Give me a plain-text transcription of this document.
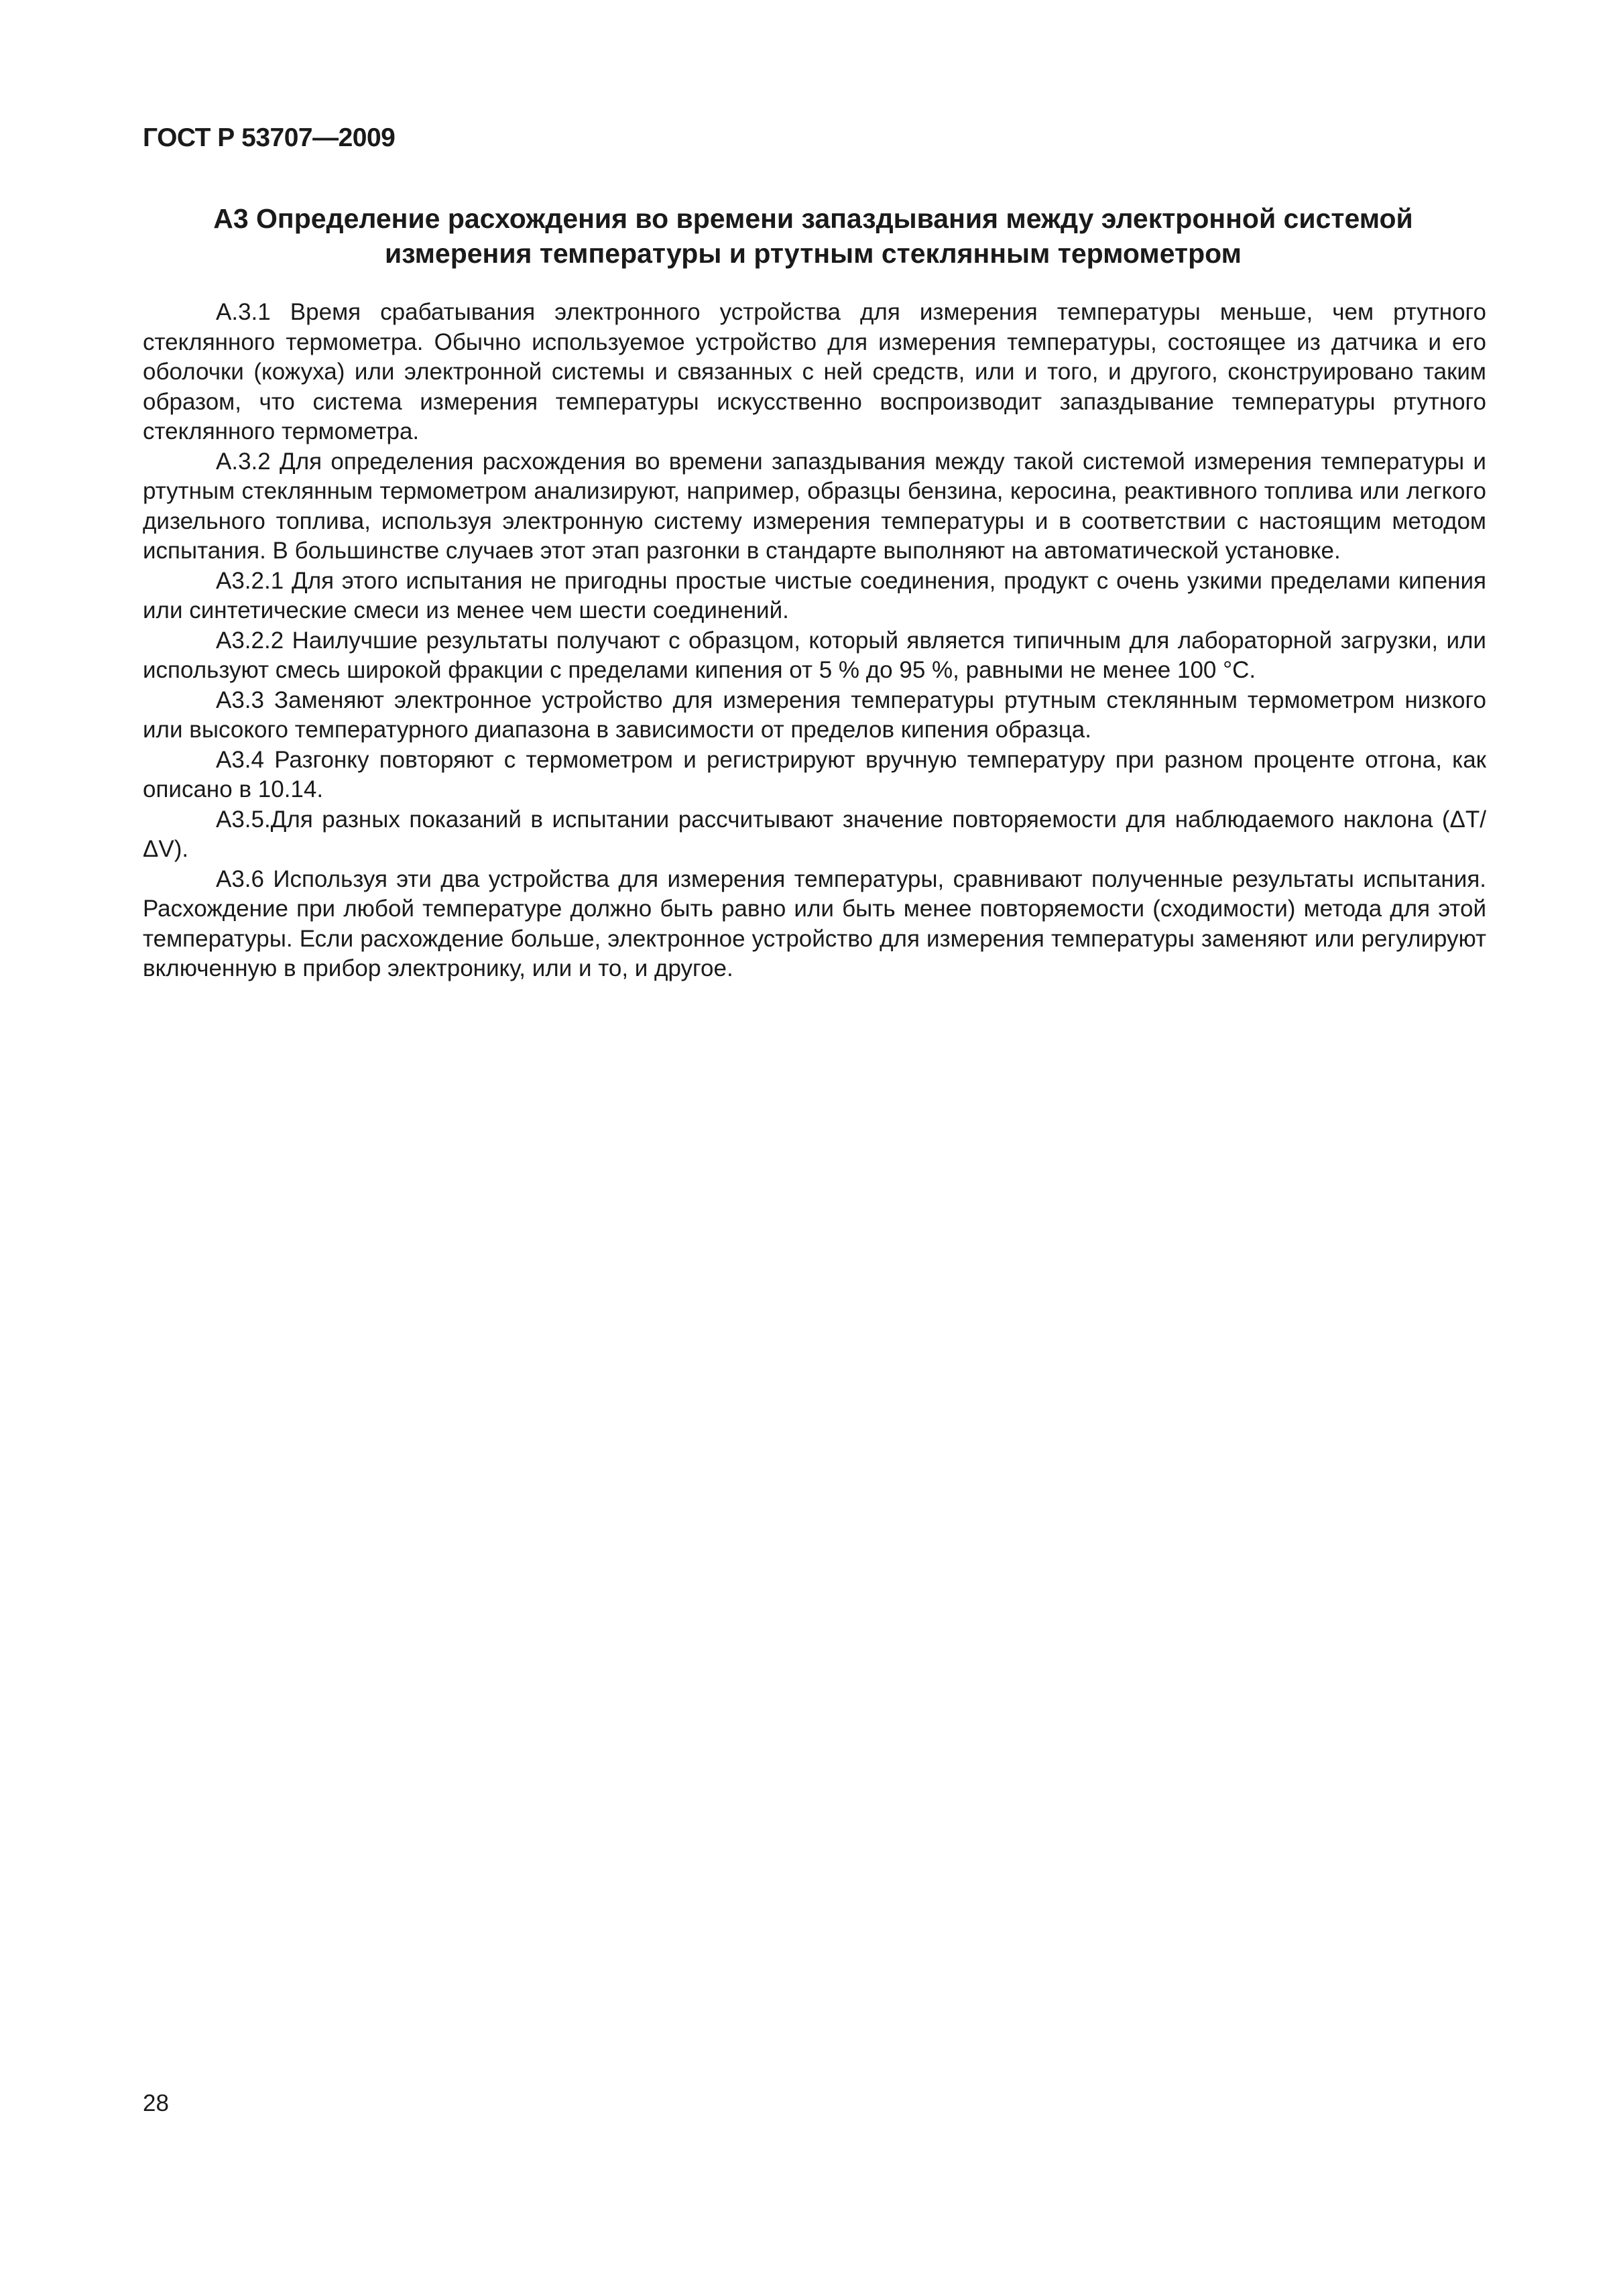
ГОСТ Р 53707—2009
А3 Определение расхождения во времени запаздывания между электронной системой
измерения температуры и ртутным стеклянным термометром

А.3.1 Время срабатывания электронного устройства для измерения температуры меньше, чем ртутного стеклянного термометра. Обычно используемое устройство для измерения температуры, состоящее из датчика и его оболочки (кожуха) или электронной системы и связанных с ней средств, или и того, и другого, сконструировано таким образом, что система измерения температуры искусственно воспроизводит запаздывание температуры ртутного стеклянного термометра.

А.3.2 Для определения расхождения во времени запаздывания между такой системой измерения температуры и ртутным стеклянным термометром анализируют, например, образцы бензина, керосина, реактивного топлива или легкого дизельного топлива, используя электронную систему измерения температуры и в соответствии с настоящим методом испытания. В большинстве случаев этот этап разгонки в стандарте выполняют на автоматической установке.

А3.2.1 Для этого испытания не пригодны простые чистые соединения, продукт с очень узкими пределами кипения или синтетические смеси из менее чем шести соединений.

А3.2.2 Наилучшие результаты получают с образцом, который является типичным для лабораторной загрузки, или используют смесь широкой фракции с пределами кипения от 5 % до 95 %, равными не менее 100 °С.

А3.3 Заменяют электронное устройство для измерения температуры ртутным стеклянным термометром низкого или высокого температурного диапазона в зависимости от пределов кипения образца.

А3.4 Разгонку повторяют с термометром и регистрируют вручную температуру при разном проценте отгона, как описано в 10.14.

А3.5.Для разных показаний в испытании рассчитывают значение повторяемости для наблюдаемого наклона (ΔТ/ΔV).

А3.6 Используя эти два устройства для измерения температуры, сравнивают полученные результаты испытания. Расхождение при любой температуре должно быть равно или быть менее повторяемости (сходимости) метода для этой температуры. Если расхождение больше, электронное устройство для измерения температуры заменяют или регулируют включенную в прибор электронику, или и то, и другое.

28
